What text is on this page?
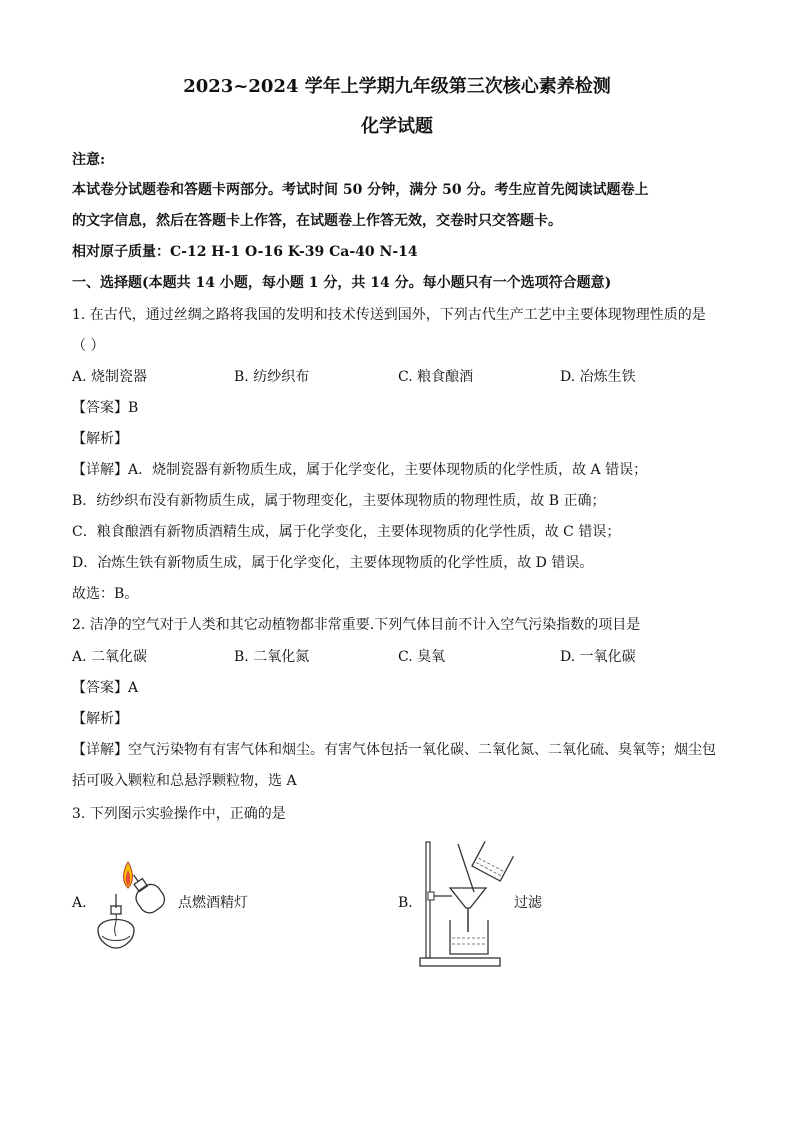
2023~2024 学年上学期九年级第三次核心素养检测
化学试题
注意:
本试卷分试题卷和答题卡两部分。考试时间 50 分钟，满分 50 分。考生应首先阅读试题卷上
的文字信息，然后在答题卡上作答，在试题卷上作答无效，交卷时只交答题卡。
相对原子质量：C-12 H-1 O-16 K-39 Ca-40 N-14
一、选择题(本题共 14 小题，每小题 1 分，共 14 分。每小题只有一个选项符合题意)
1. 在古代，通过丝绸之路将我国的发明和技术传送到国外，下列古代生产工艺中主要体现物理性质的是
（ ）
A. 烧制瓷器	B. 纺纱织布	C. 粮食酿酒	D. 冶炼生铁
【答案】B
【解析】
【详解】A．烧制瓷器有新物质生成，属于化学变化，主要体现物质的化学性质，故 A 错误；
B．纺纱织布没有新物质生成，属于物理变化，主要体现物质的物理性质，故 B 正确；
C．粮食酿酒有新物质酒精生成，属于化学变化，主要体现物质的化学性质，故 C 错误；
D．冶炼生铁有新物质生成，属于化学变化，主要体现物质的化学性质，故 D 错误。
故选：B。
2. 洁净的空气对于人类和其它动植物都非常重要.下列气体目前不计入空气污染指数的项目是
A. 二氧化碳	B. 二氧化氮	C. 臭氧	D. 一氧化碳
【答案】A
【解析】
【详解】空气污染物有有害气体和烟尘。有害气体包括一氧化碳、二氧化氮、二氧化硫、臭氧等；烟尘包
括可吸入颗粒和总悬浮颗粒物，选 A
3. 下列图示实验操作中，正确的是
A.	点燃酒精灯	B.	过滤
